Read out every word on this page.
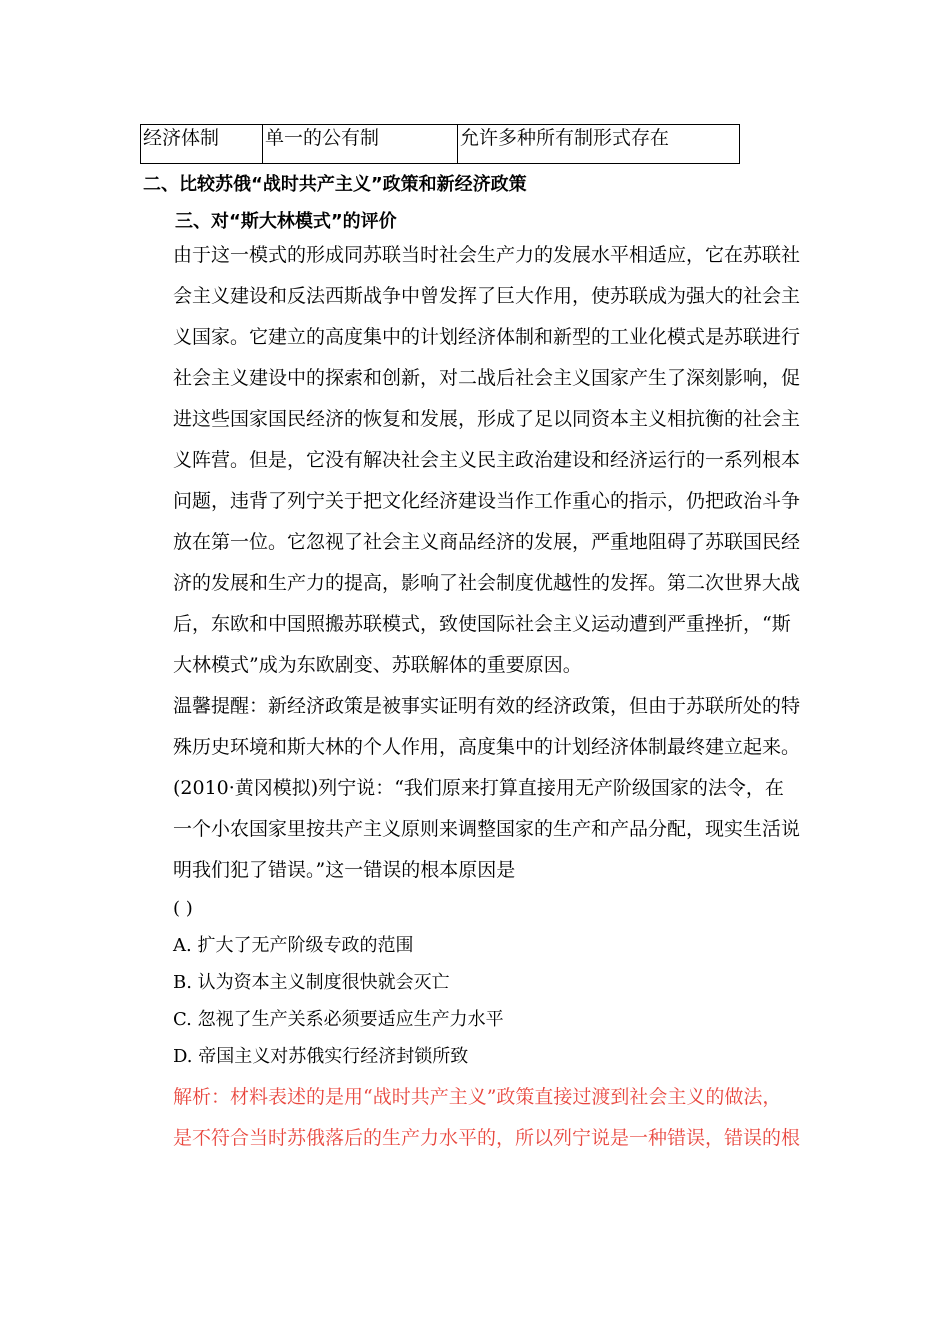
经济体制	单一的公有制	允许多种所有制形式存在
二、比较苏俄“战时共产主义”政策和新经济政策
三、对“斯大林模式”的评价

由于这一模式的形成同苏联当时社会生产力的发展水平相适应，它在苏联社

会主义建设和反法西斯战争中曾发挥了巨大作用，使苏联成为强大的社会主

义国家。它建立的高度集中的计划经济体制和新型的工业化模式是苏联进行

社会主义建设中的探索和创新，对二战后社会主义国家产生了深刻影响，促

进这些国家国民经济的恢复和发展，形成了足以同资本主义相抗衡的社会主

义阵营。但是，它没有解决社会主义民主政治建设和经济运行的一系列根本

问题，违背了列宁关于把文化经济建设当作工作重心的指示，仍把政治斗争

放在第一位。它忽视了社会主义商品经济的发展，严重地阻碍了苏联国民经

济的发展和生产力的提高，影响了社会制度优越性的发挥。第二次世界大战

后，东欧和中国照搬苏联模式，致使国际社会主义运动遭到严重挫折，“斯

大林模式”成为东欧剧变、苏联解体的重要原因。

温馨提醒：新经济政策是被事实证明有效的经济政策，但由于苏联所处的特

殊历史环境和斯大林的个人作用，高度集中的计划经济体制最终建立起来。

(2010·黄冈模拟)列宁说：“我们原来打算直接用无产阶级国家的法令，在

一个小农国家里按共产主义原则来调整国家的生产和产品分配，现实生活说

明我们犯了错误。”这一错误的根本原因是

( )

A. 扩大了无产阶级专政的范围

B. 认为资本主义制度很快就会灭亡

C. 忽视了生产关系必须要适应生产力水平

D. 帝国主义对苏俄实行经济封锁所致

解析：材料表述的是用“战时共产主义”政策直接过渡到社会主义的做法，

是不符合当时苏俄落后的生产力水平的，所以列宁说是一种错误，错误的根
